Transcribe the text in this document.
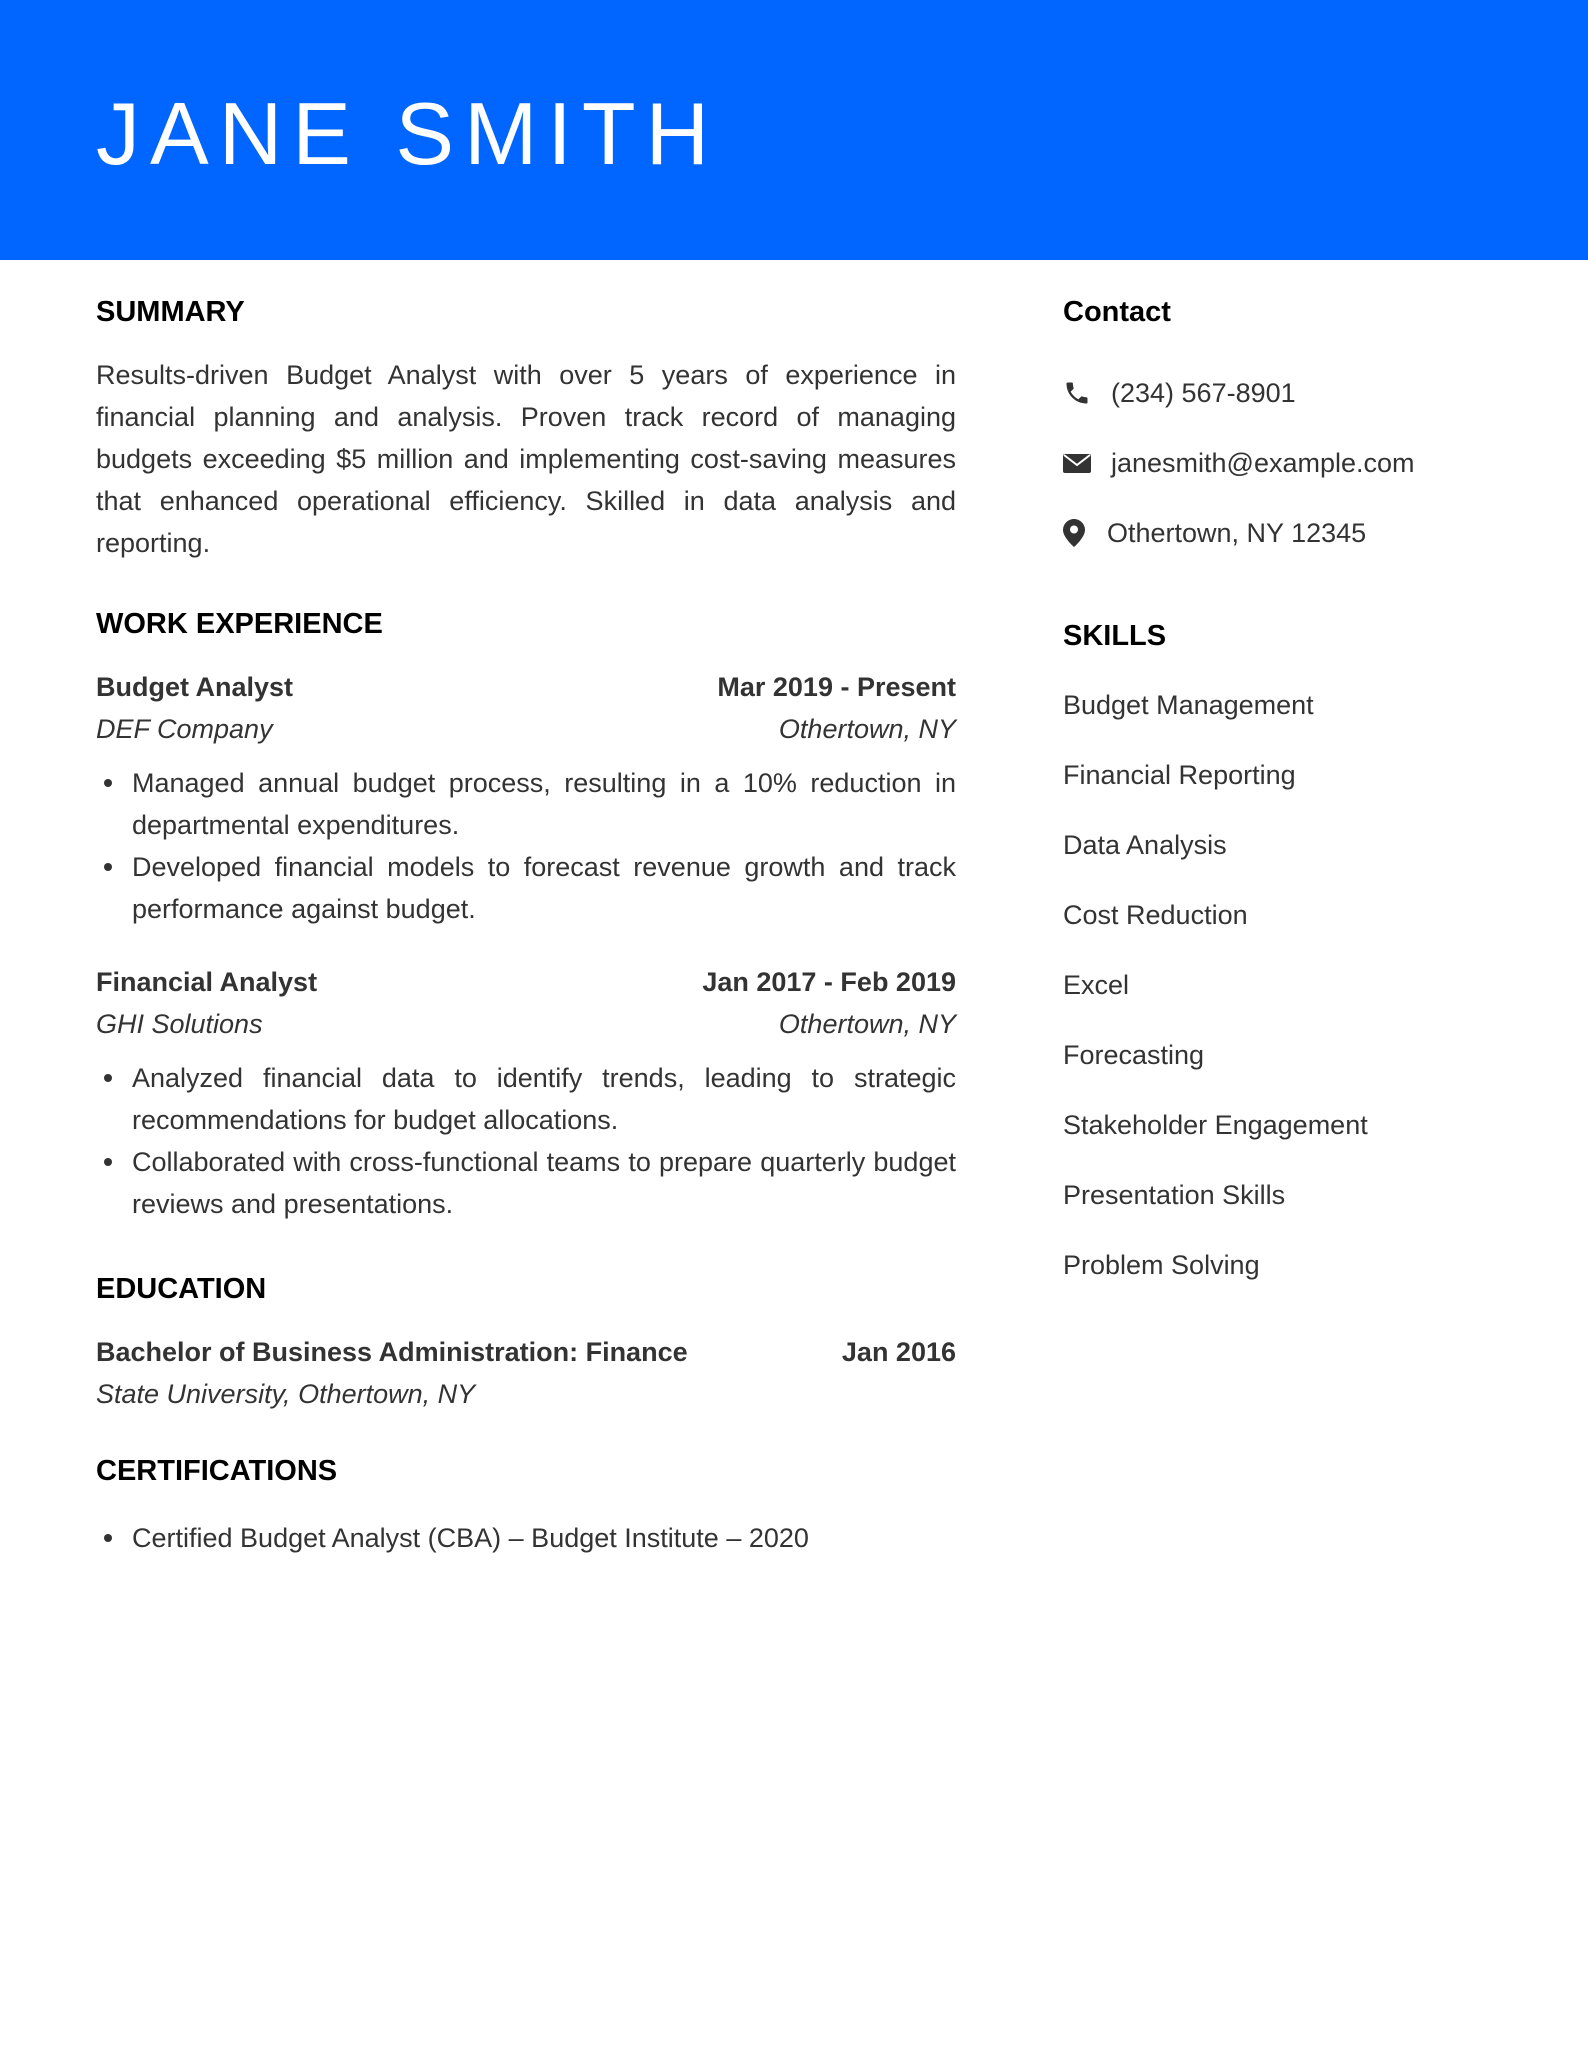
JANE SMITH
SUMMARY

Results-driven Budget Analyst with over 5 years of experience in financial planning and analysis. Proven track record of managing budgets exceeding $5 million and implementing cost-saving measures that enhanced operational efficiency. Skilled in data analysis and reporting.

WORK EXPERIENCE
Budget Analyst	Mar 2019 - Present
DEF Company	Othertown, NY
Managed annual budget process, resulting in a 10% reduction in departmental expenditures.
Developed financial models to forecast revenue growth and track performance against budget.
Financial Analyst	Jan 2017 - Feb 2019
GHI Solutions	Othertown, NY
Analyzed financial data to identify trends, leading to strategic recommendations for budget allocations.
Collaborated with cross-functional teams to prepare quarterly budget reviews and presentations.
EDUCATION
Bachelor of Business Administration: Finance	Jan 2016
State University, Othertown, NY
CERTIFICATIONS
Certified Budget Analyst (CBA) – Budget Institute – 2020
Contact
(234) 567-8901
janesmith@example.com
Othertown, NY 12345
SKILLS
Budget Management
Financial Reporting
Data Analysis
Cost Reduction
Excel
Forecasting
Stakeholder Engagement
Presentation Skills
Problem Solving
